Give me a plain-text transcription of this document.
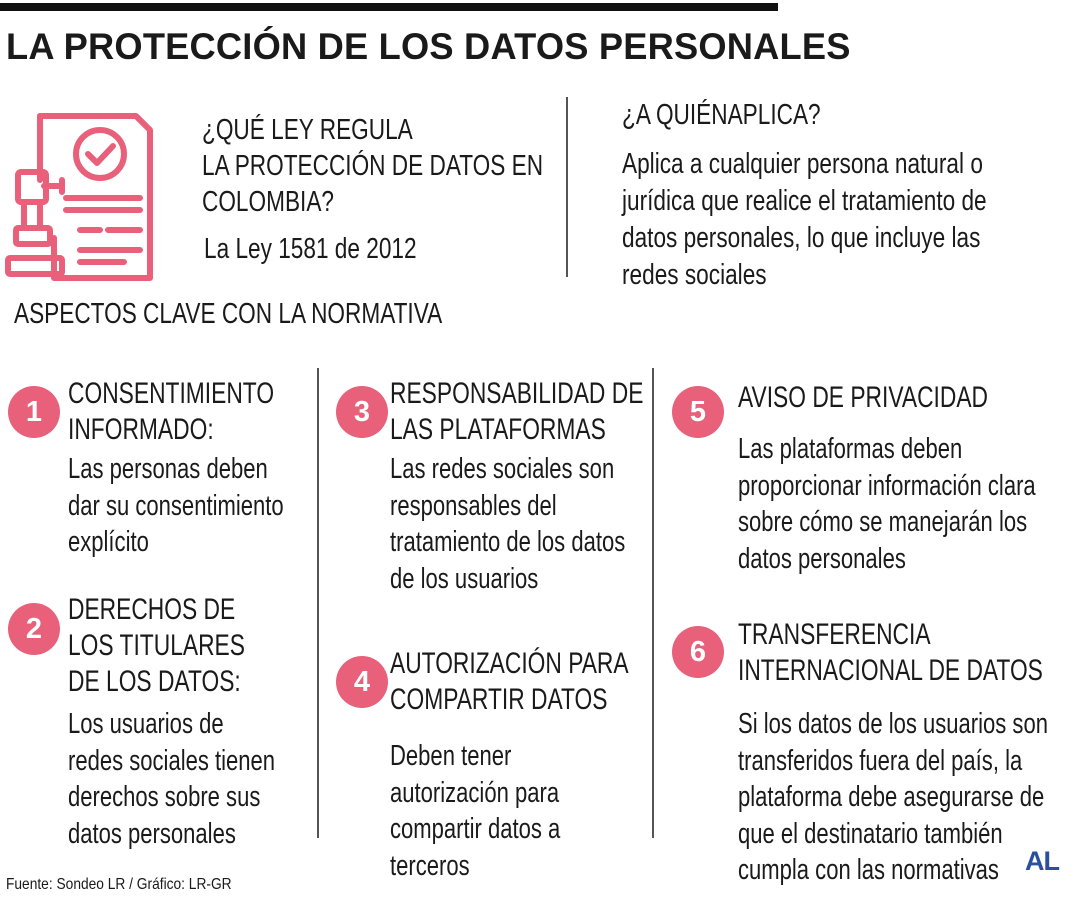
LA PROTECCIÓN DE LOS DATOS PERSONALES
¿QUÉ LEY REGULA
LA PROTECCIÓN DE DATOS EN
COLOMBIA?
La Ley 1581 de 2012
¿A QUIÉNAPLICA?
Aplica a cualquier persona natural o
jurídica que realice el tratamiento de
datos personales, lo que incluye las
redes sociales
ASPECTOS CLAVE CON LA NORMATIVA
1
CONSENTIMIENTO
INFORMADO:
Las personas deben
dar su consentimiento
explícito
2
DERECHOS DE
LOS TITULARES
DE LOS DATOS:
Los usuarios de
redes sociales tienen
derechos sobre sus
datos personales
3
RESPONSABILIDAD DE
LAS PLATAFORMAS
Las redes sociales son
responsables del
tratamiento de los datos
de los usuarios
4
AUTORIZACIÓN PARA
COMPARTIR DATOS
Deben tener
autorización para
compartir datos a
terceros
5	AVISO DE PRIVACIDAD
Las plataformas deben
proporcionar información clara
sobre cómo se manejarán los
datos personales
6
TRANSFERENCIA
INTERNACIONAL DE DATOS
Si los datos de los usuarios son
transferidos fuera del país, la
plataforma debe asegurarse de
que el destinatario también
cumpla con las normativas
Fuente: Sondeo LR / Gráfico: LR-GR
AL
